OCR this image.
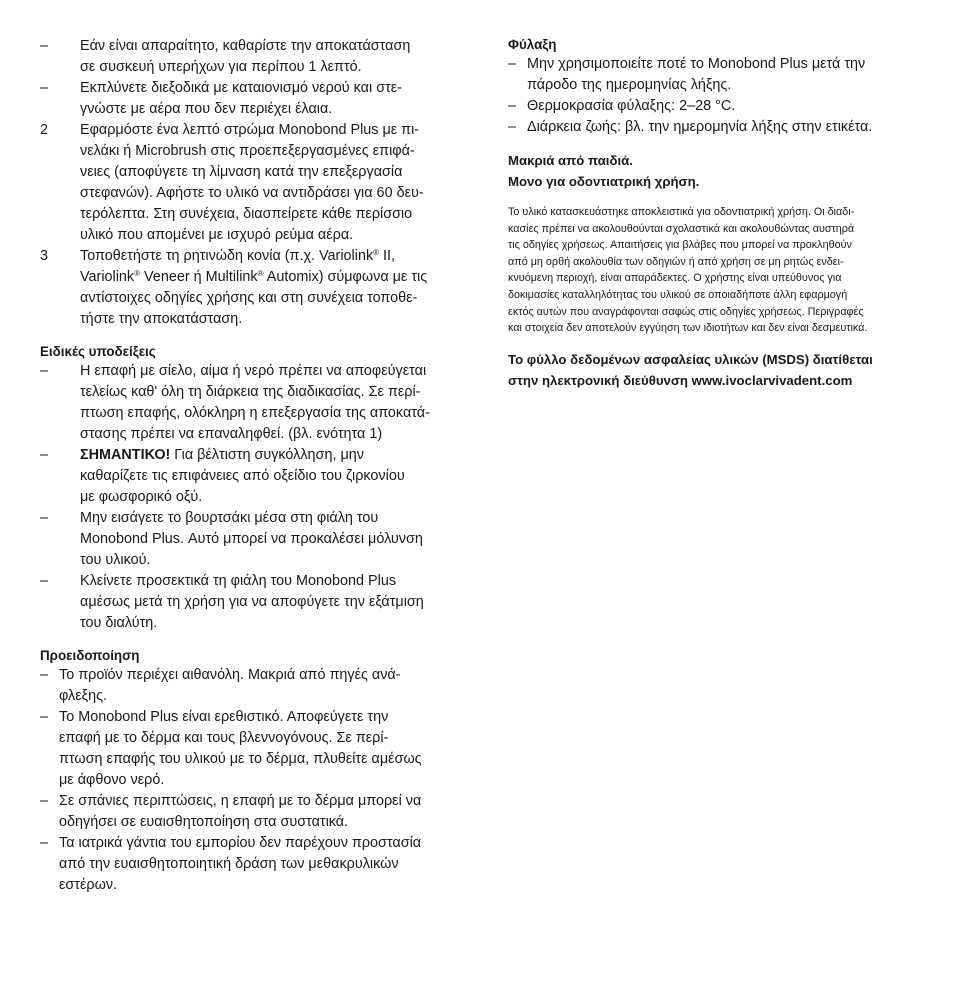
– Εάν είναι απαραίτητο, καθαρίστε την αποκατάσταση
σε συσκευή υπερήχων για περίπου 1 λεπτό.
– Εκπλύνετε διεξοδικά με καταιονισμό νερού και στε-
γνώστε με αέρα που δεν περιέχει έλαια.
2 Εφαρμόστε ένα λεπτό στρώμα Monobond Plus με πι-
νελάκι ή Microbrush στις προεπεξεργασμένες επιφά-
νειες (αποφύγετε τη λίμναση κατά την επεξεργασία
στεφανών). Αφήστε το υλικό να αντιδράσει για 60 δευ-
τερόλεπτα. Στη συνέχεια, διασπείρετε κάθε περίσσιο
υλικό που απομένει με ισχυρό ρεύμα αέρα.
3 Τοποθετήστε τη ρητινώδη κονία (π.χ. Variolink® II,
Variolink® Veneer ή Multilink® Automix) σύμφωνα με τις
αντίστοιχες οδηγίες χρήσης και στη συνέχεια τοποθε-
τήστε την αποκατάσταση.
Ειδικές υποδείξεις
– Η επαφή με σίελο, αίμα ή νερό πρέπει να αποφεύγεται
τελείως καθ' όλη τη διάρκεια της διαδικασίας. Σε περί-
πτωση επαφής, ολόκληρη η επεξεργασία της αποκατά-
στασης πρέπει να επαναληφθεί. (βλ. ενότητα 1)
– ΣΗΜΑΝΤΙΚΟ! Για βέλτιστη συγκόλληση, μην
καθαρίζετε τις επιφάνειες από οξείδιο του ζιρκονίου
με φωσφορικό οξύ.
– Μην εισάγετε το βουρτσάκι μέσα στη φιάλη του
Monobond Plus. Αυτό μπορεί να προκαλέσει μόλυνση
του υλικού.
– Κλείνετε προσεκτικά τη φιάλη του Monobond Plus
αμέσως μετά τη χρήση για να αποφύγετε την εξάτμιση
του διαλύτη.
Προειδοποίηση
– Το προϊόν περιέχει αιθανόλη. Μακριά από πηγές ανά-
φλεξης.
– Το Monobond Plus είναι ερεθιστικό. Αποφεύγετε την
επαφή με το δέρμα και τους βλεννογόνους. Σε περί-
πτωση επαφής του υλικού με το δέρμα, πλυθείτε αμέσως
με άφθονο νερό.
– Σε σπάνιες περιπτώσεις, η επαφή με το δέρμα μπορεί να
οδηγήσει σε ευαισθητοποίηση στα συστατικά.
– Τα ιατρικά γάντια του εμπορίου δεν παρέχουν προστασία
από την ευαισθητοποιητική δράση των μεθακρυλικών
εστέρων.
Φύλαξη
– Μην χρησιμοποιείτε ποτέ το Monobond Plus μετά την
πάροδο της ημερομηνίας λήξης.
– Θερμοκρασία φύλαξης: 2–28 °C.
– Διάρκεια ζωής: βλ. την ημερομηνία λήξης στην ετικέτα.
Μακριά από παιδιά.
Μονο για οδοντιατρική χρήση.
Το υλικό κατασκευάστηκε αποκλειστικά για οδοντιατρική χρήση. Οι διαδι-
κασίες πρέπει να ακολουθούνται σχολαστικά και ακολουθώντας αυστηρά
τις οδηγίες χρήσεως. Απαιτήσεις για βλάβες που μπορεί να προκληθούν
από μη ορθή ακολουθία των οδηγιών ή από χρήση σε μη ρητώς ενδει-
κνυόμενη περιοχή, είναι απαράδεκτες. Ο χρήστης είναι υπεύθυνος για
δοκιμασίες καταλληλότητας του υλικού σε οποιαδήποτε άλλη εφαρμογή
εκτός αυτών που αναγράφονται σαφώς στις οδηγίες χρήσεως. Περιγραφές
και στοιχεία δεν αποτελούν εγγύηση των ιδιοτήτων και δεν είναι δεσμευτικά.
Το φύλλο δεδομένων ασφαλείας υλικών (MSDS) διατίθεται
στην ηλεκτρονική διεύθυνση www.ivoclarvivadent.com
